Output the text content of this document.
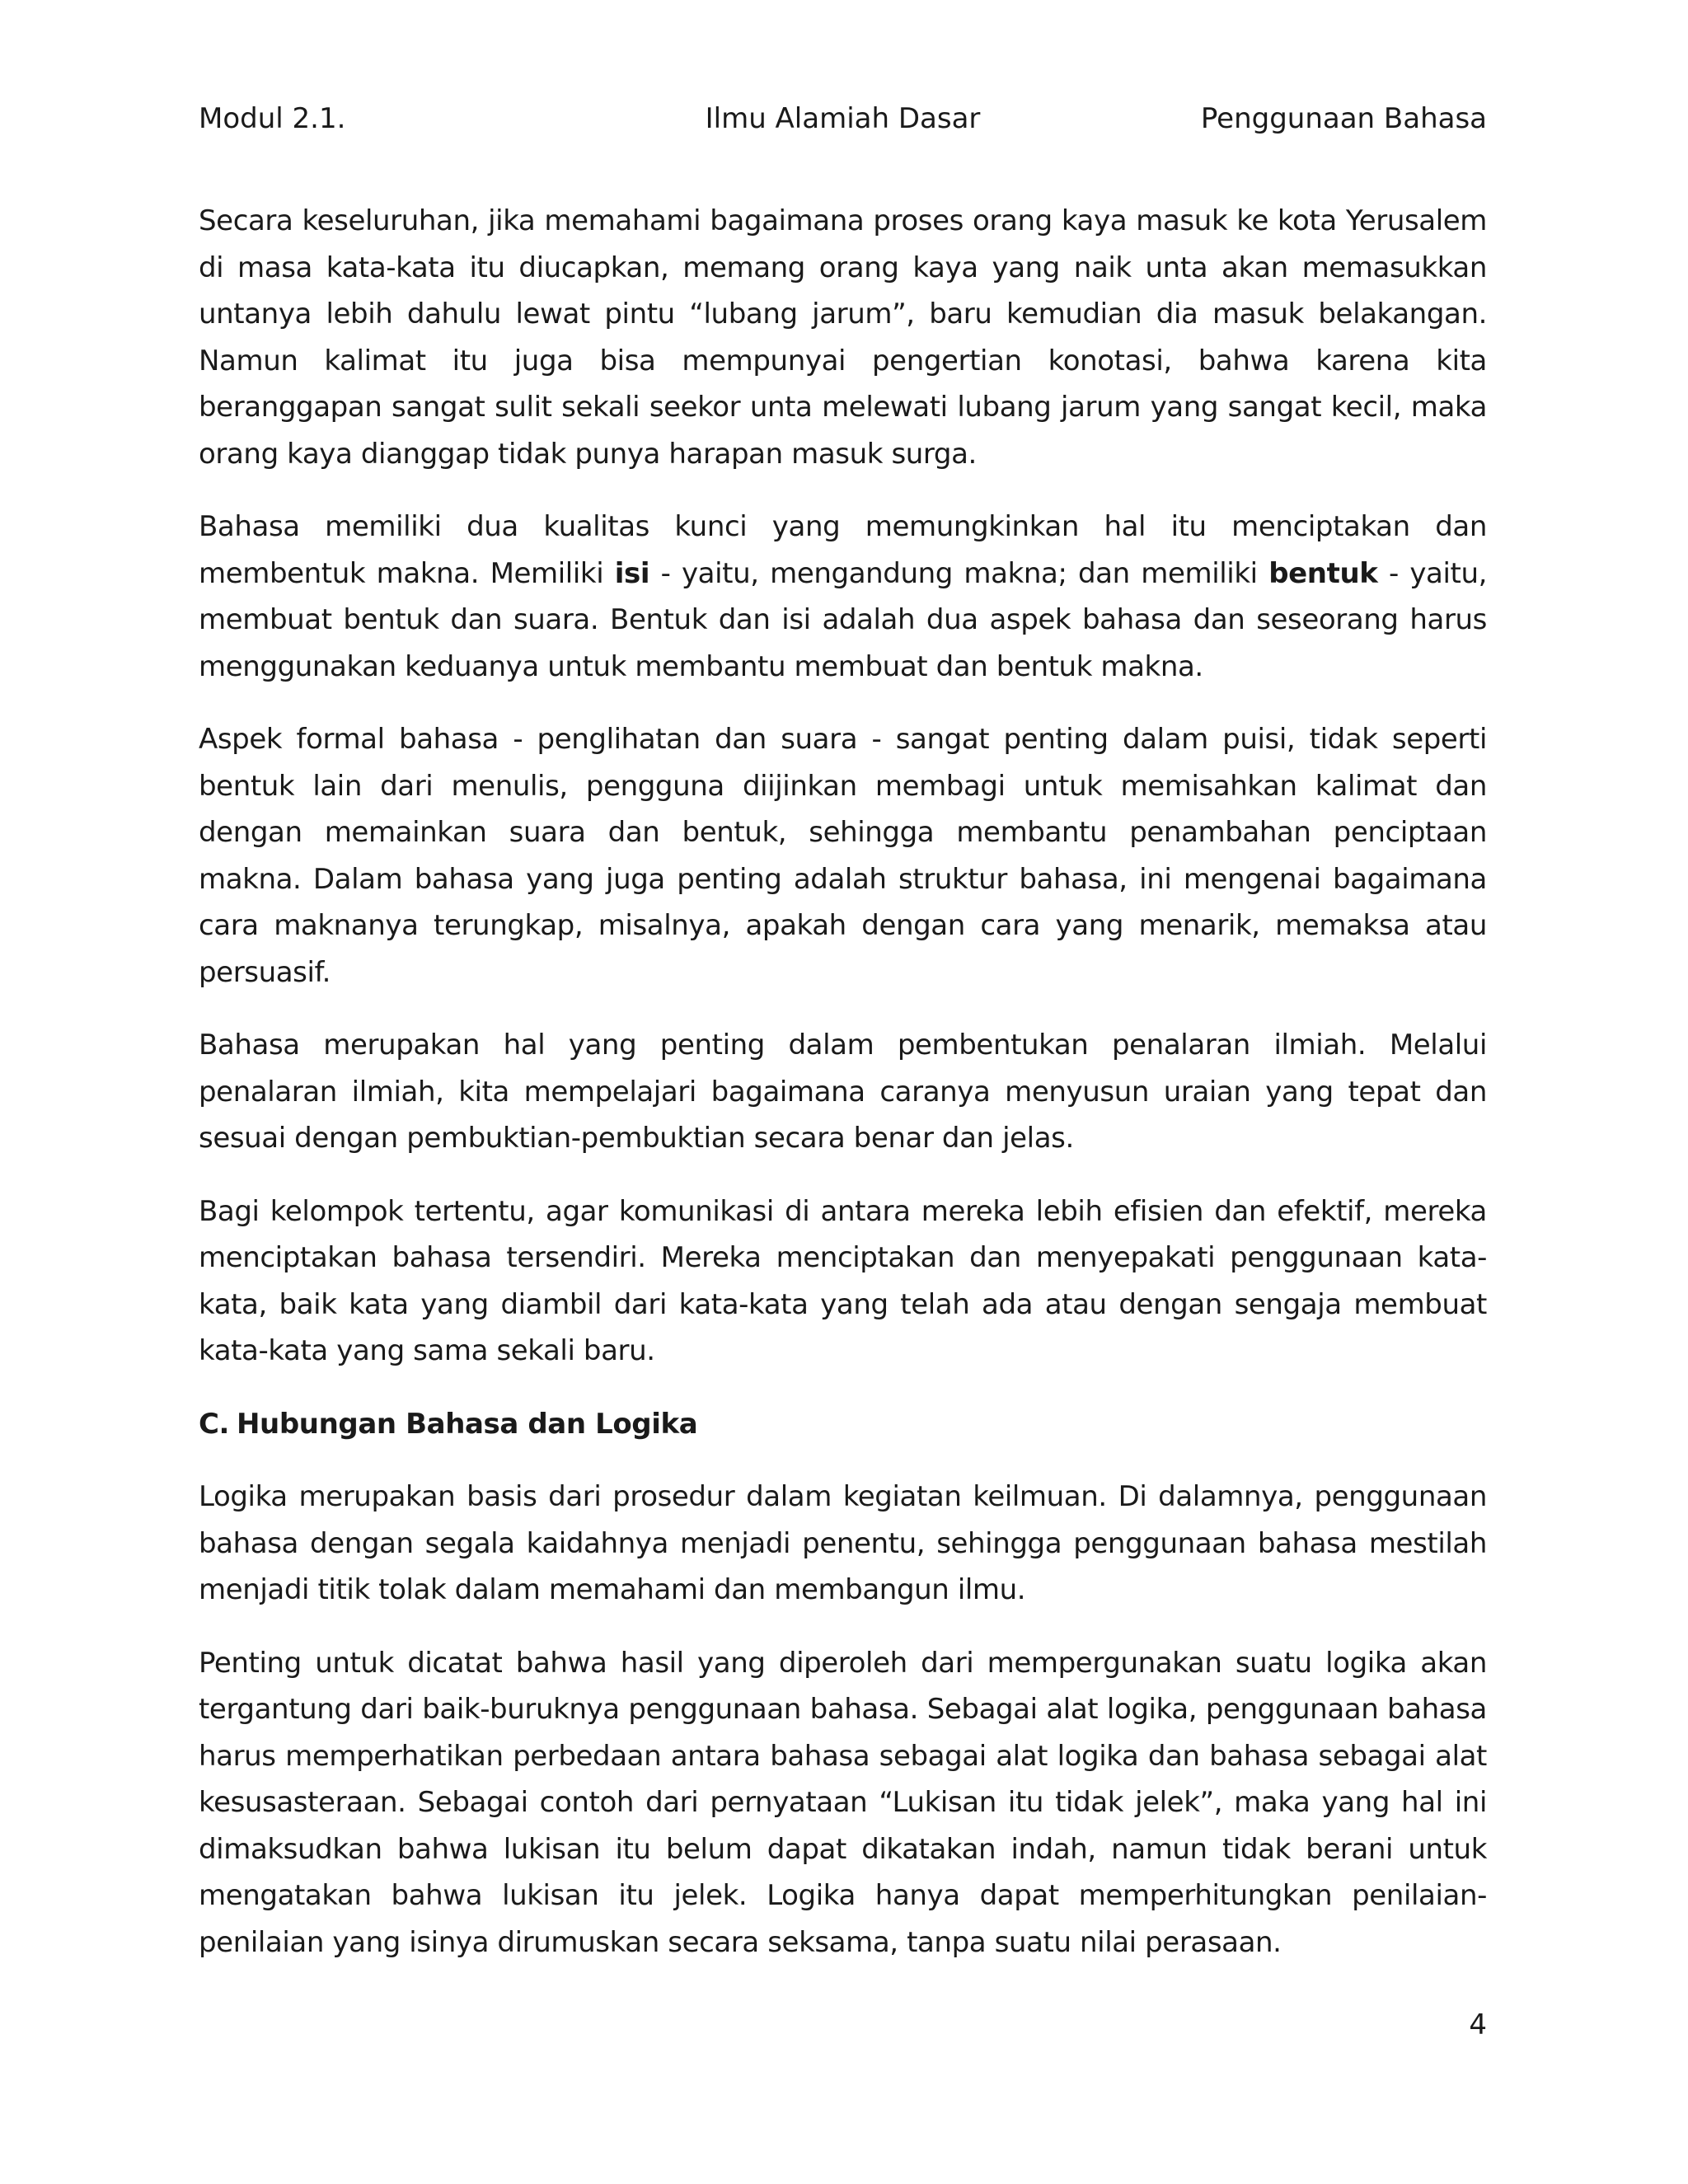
Modul 2.1.	Ilmu Alamiah Dasar	Penggunaan Bahasa

Secara keseluruhan, jika memahami bagaimana proses orang kaya masuk ke kota Yerusalem di masa kata-kata itu diucapkan, memang orang kaya yang naik unta akan memasukkan untanya lebih dahulu lewat pintu “lubang jarum”, baru kemudian dia masuk belakangan. Namun kalimat itu juga bisa mempunyai pengertian konotasi, bahwa karena kita beranggapan sangat sulit sekali seekor unta melewati lubang jarum yang sangat kecil, maka orang kaya dianggap tidak punya harapan masuk surga.

Bahasa memiliki dua kualitas kunci yang memungkinkan hal itu menciptakan dan membentuk makna. Memiliki isi - yaitu, mengandung makna; dan memiliki bentuk - yaitu, membuat bentuk dan suara. Bentuk dan isi adalah dua aspek bahasa dan seseorang harus menggunakan keduanya untuk membantu membuat dan bentuk makna.

Aspek formal bahasa - penglihatan dan suara - sangat penting dalam puisi, tidak seperti bentuk lain dari menulis, pengguna diijinkan membagi untuk memisahkan kalimat dan dengan memainkan suara dan bentuk, sehingga membantu penambahan penciptaan makna. Dalam bahasa yang juga penting adalah struktur bahasa, ini mengenai bagaimana cara maknanya terungkap, misalnya, apakah dengan cara yang menarik, memaksa atau persuasif.

Bahasa merupakan hal yang penting dalam pembentukan penalaran ilmiah. Melalui penalaran ilmiah, kita mempelajari bagaimana caranya menyusun uraian yang tepat dan sesuai dengan pembuktian-pembuktian secara benar dan jelas.

Bagi kelompok tertentu, agar komunikasi di antara mereka lebih efisien dan efektif, mereka menciptakan bahasa tersendiri. Mereka menciptakan dan menyepakati penggunaan kata-kata, baik kata yang diambil dari kata-kata yang telah ada atau dengan sengaja membuat kata-kata yang sama sekali baru.

C. Hubungan Bahasa dan Logika

Logika merupakan basis dari prosedur dalam kegiatan keilmuan. Di dalamnya, penggunaan bahasa dengan segala kaidahnya menjadi penentu, sehingga penggunaan bahasa mestilah menjadi titik tolak dalam memahami dan membangun ilmu.

Penting untuk dicatat bahwa hasil yang diperoleh dari mempergunakan suatu logika akan tergantung dari baik-buruknya penggunaan bahasa. Sebagai alat logika, penggunaan bahasa harus memperhatikan perbedaan antara bahasa sebagai alat logika dan bahasa sebagai alat kesusasteraan. Sebagai contoh dari pernyataan “Lukisan itu tidak jelek”, maka yang hal ini dimaksudkan bahwa lukisan itu belum dapat dikatakan indah, namun tidak berani untuk mengatakan bahwa lukisan itu jelek. Logika hanya dapat memperhitungkan penilaian-penilaian yang isinya dirumuskan secara seksama, tanpa suatu nilai perasaan.

4
